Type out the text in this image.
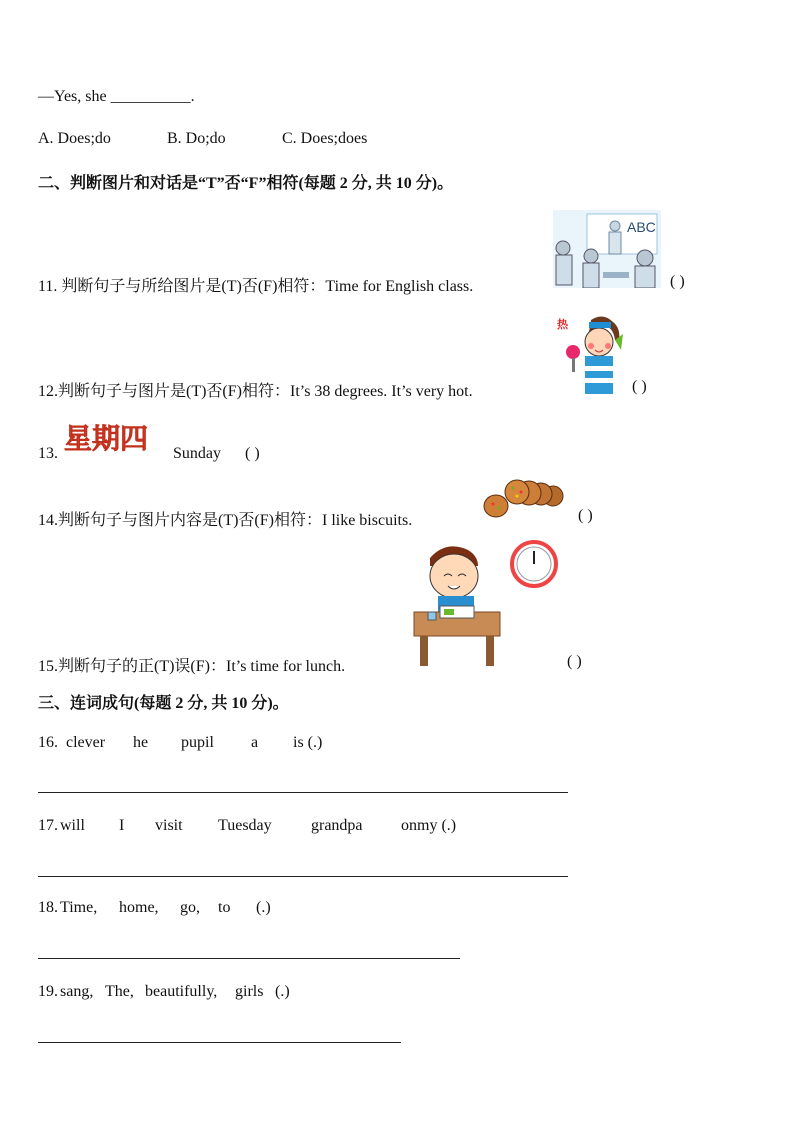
—Yes, she __________.
A. Does;do	B. Do;do	C. Does;does
二、判断图片和对话是“T”否“F”相符(每题 2 分, 共 10 分)。
ABC
11. 判断句子与所给图片是(T)否(F)相符：Time for English class.	( )
热
12.判断句子与图片是(T)否(F)相符：It’s 38 degrees. It’s very hot.	( )
13. 星期四 Sunday ( )
14.判断句子与图片内容是(T)否(F)相符：I like biscuits.	( )
15.判断句子的正(T)误(F)：It’s time for lunch.	( )
三、连词成句(每题 2 分, 共 10 分)。
16. clever he pupil a is (.)
17. will I visit Tuesday grandpa onmy (.)
18. Time, home, go, to (.)
19. sang, The, beautifully, girls (.)
